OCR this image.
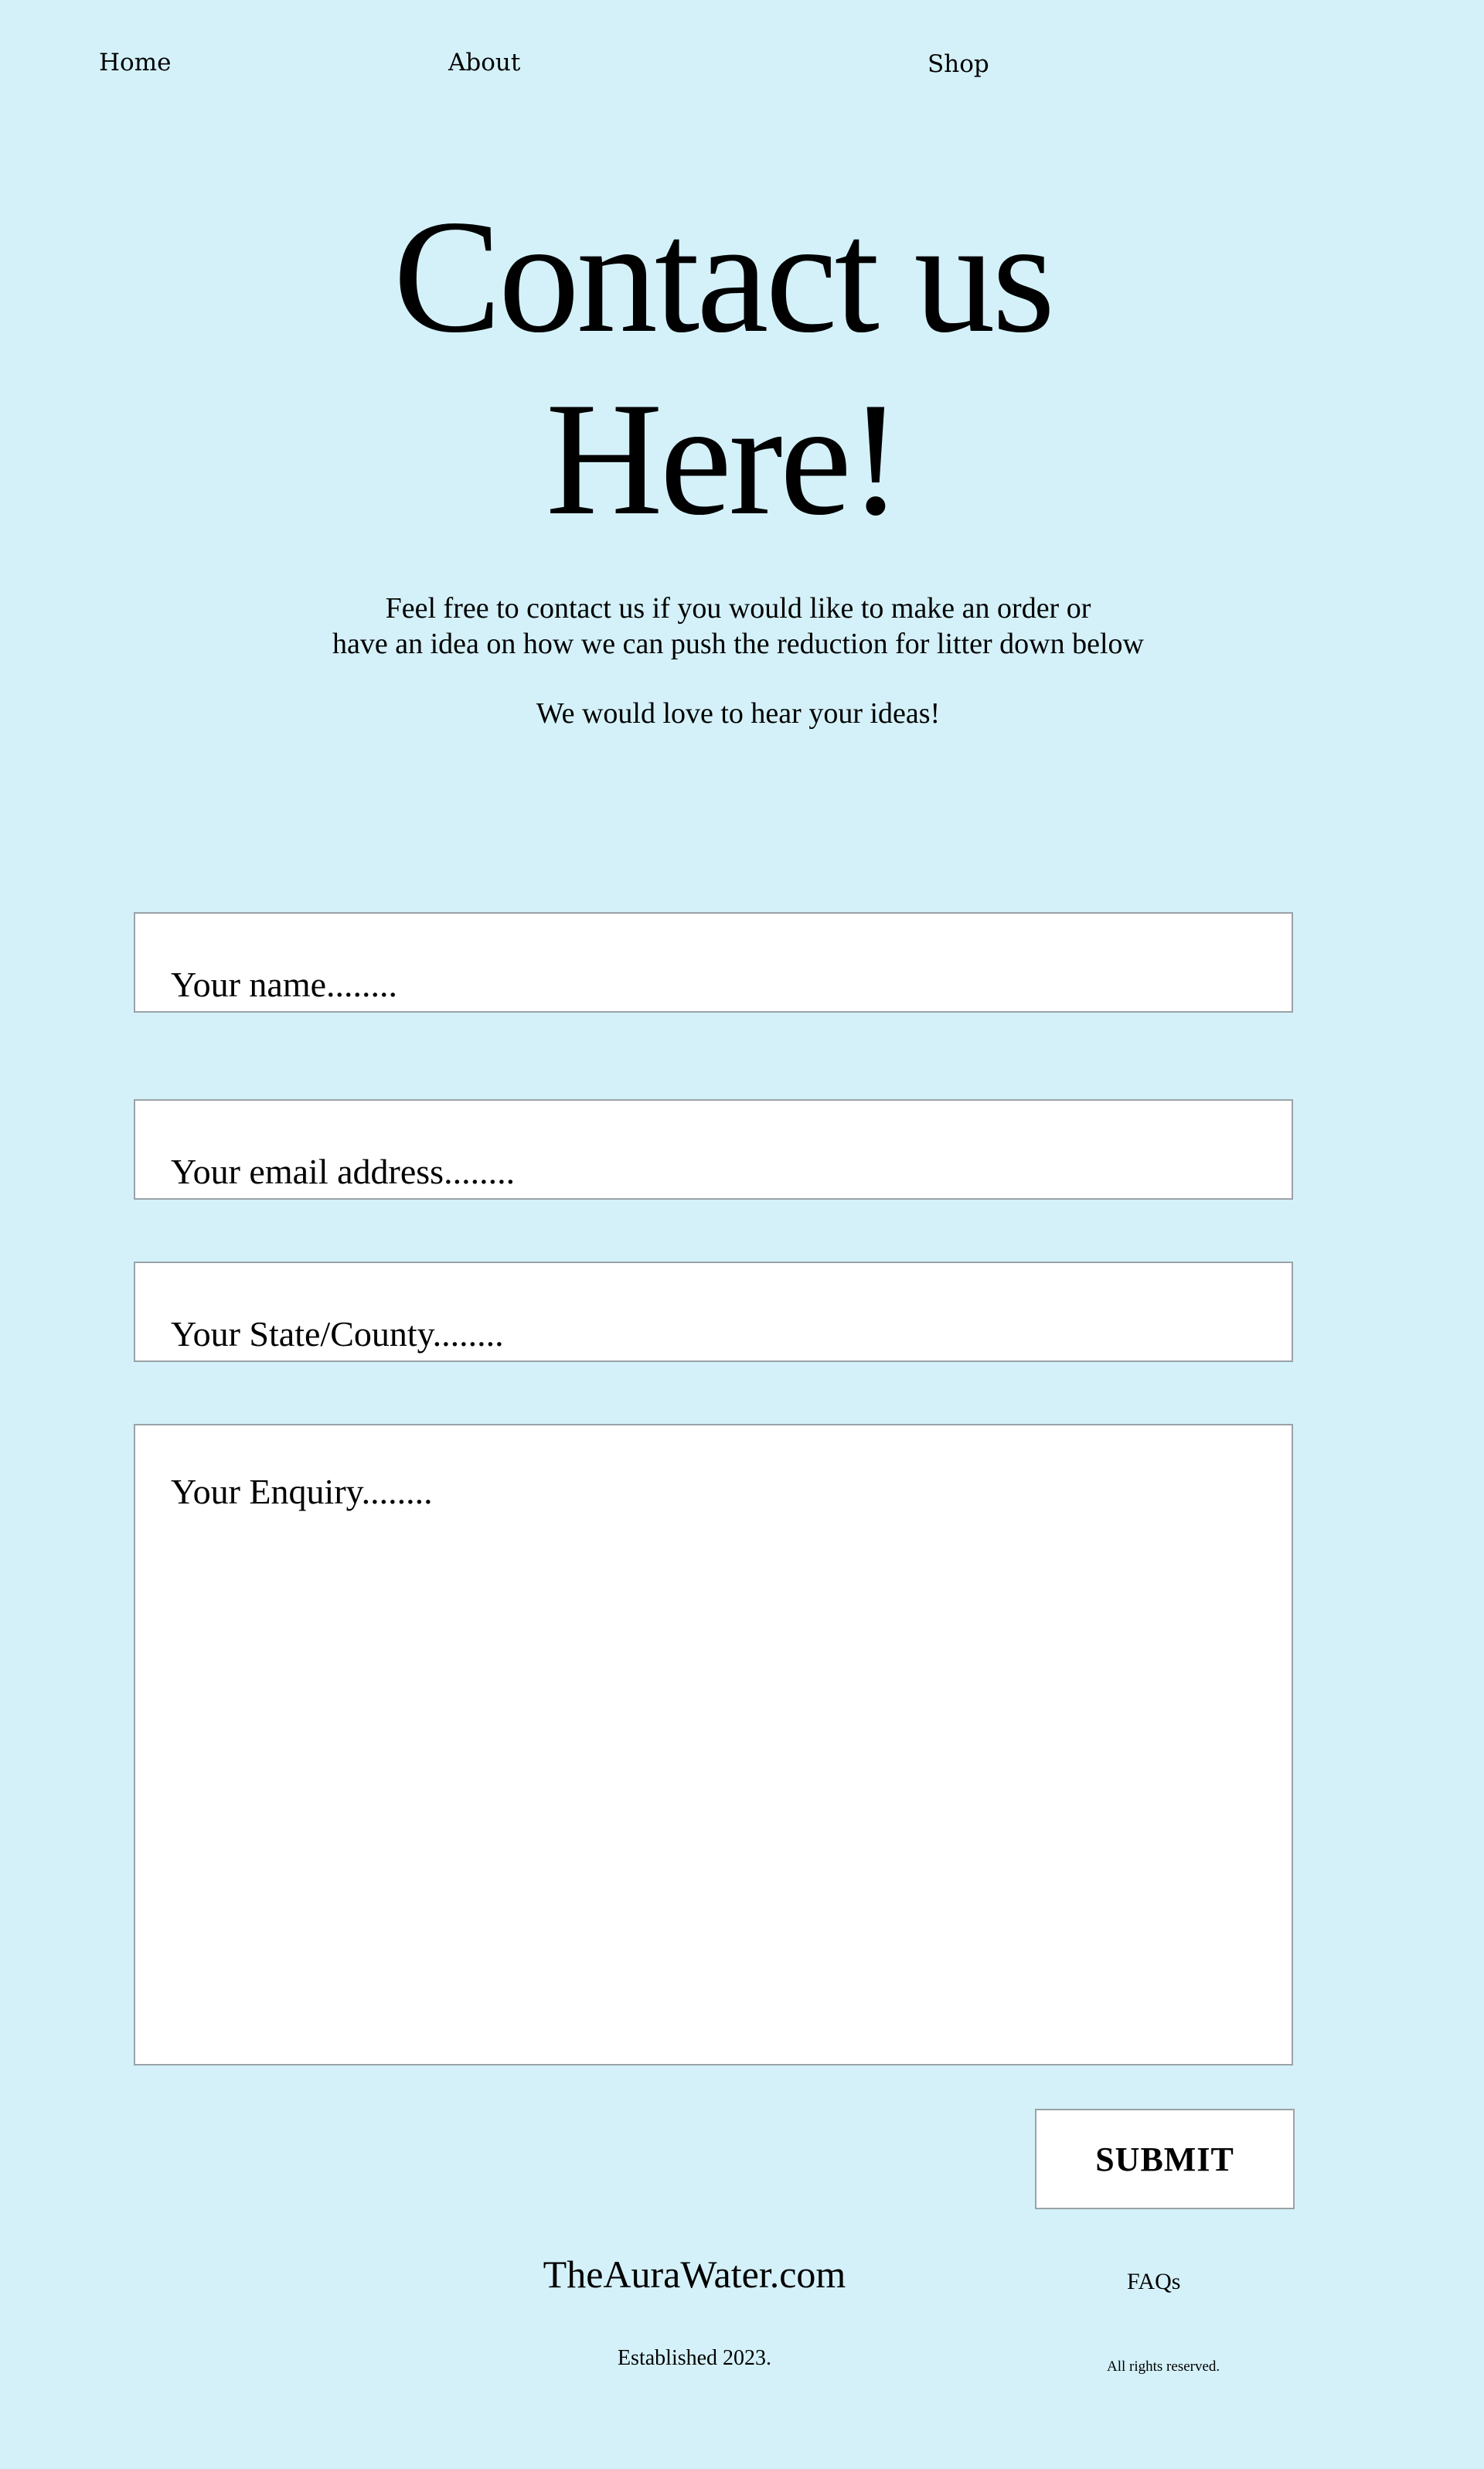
Home	About	Shop
Contact us
Here!
Feel free to contact us if you would like to make an order or
have an idea on how we can push the reduction for litter down below
We would love to hear your ideas!
Your name........
Your email address........
Your State/County........
Your Enquiry........
SUBMIT
TheAuraWater.com
Established 2023.
FAQs
All rights reserved.
